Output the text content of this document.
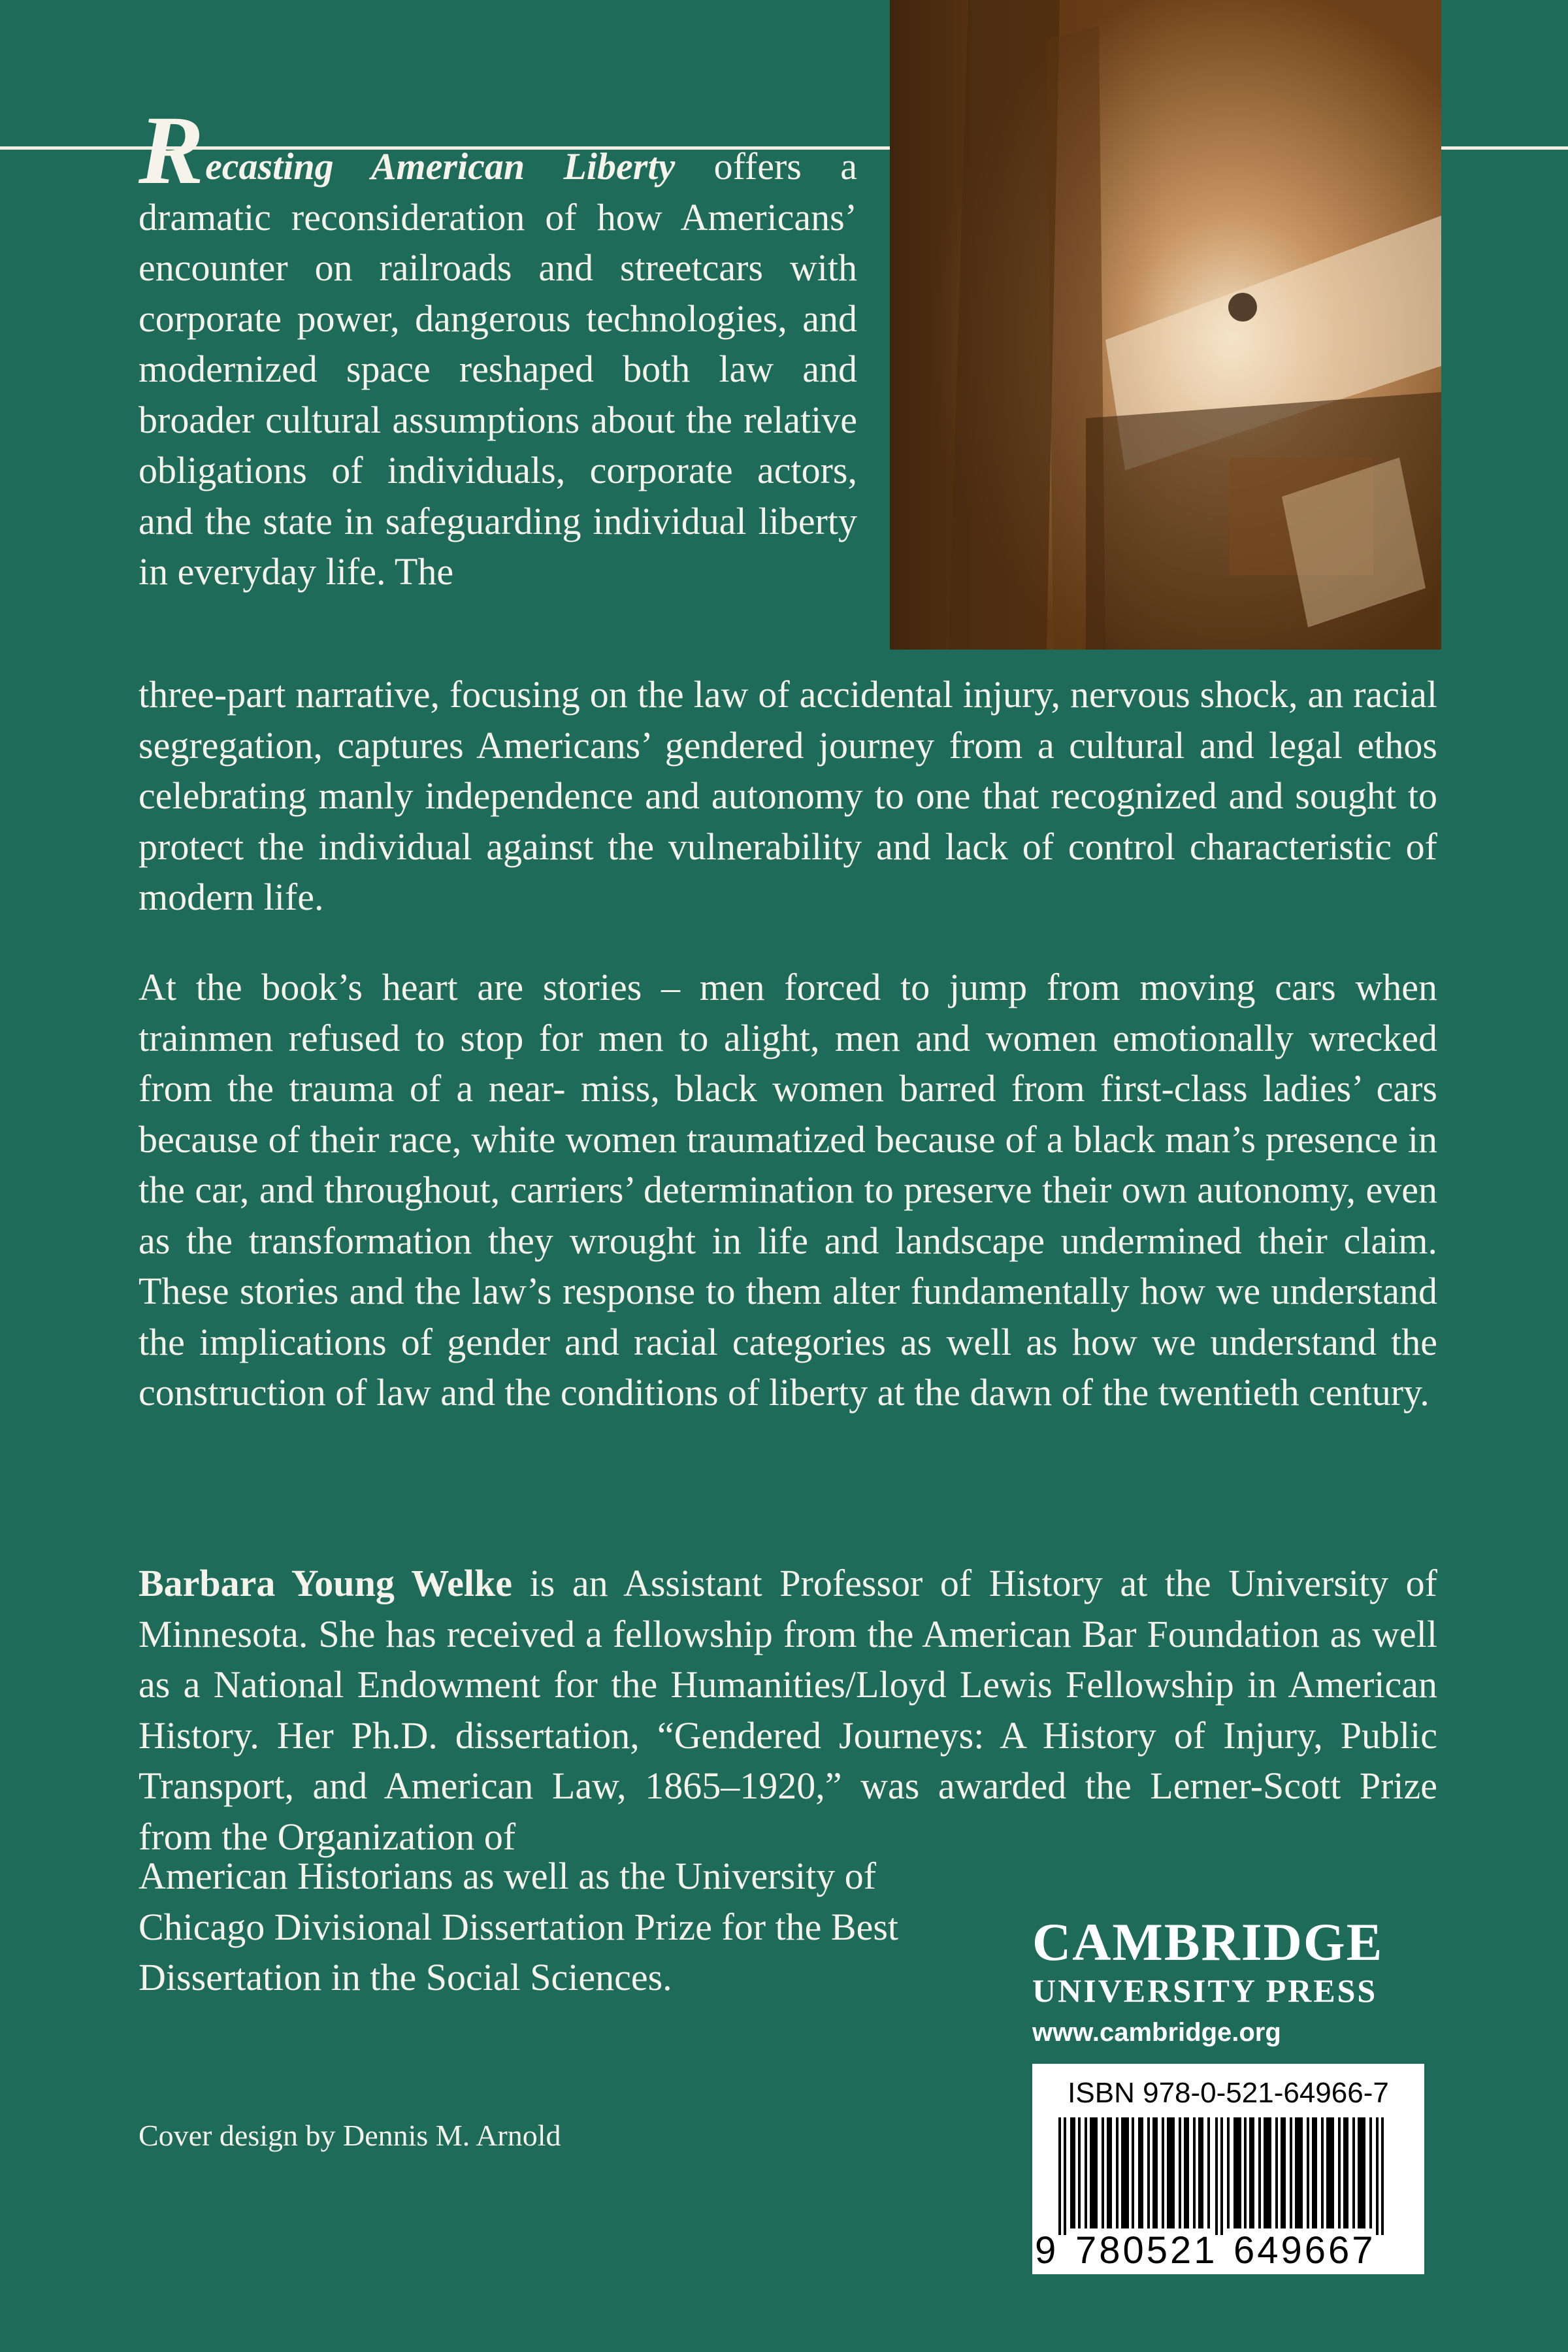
Recasting American Liberty offers a dramatic reconsideration of how Americans’ encounter on railroads and streetcars with corporate power, dangerous technologies, and modernized space reshaped both law and broader cultural assumptions about the relative obligations of individuals, corporate actors, and the state in safeguarding individual liberty in everyday life. The
three-part narrative, focusing on the law of accidental injury, nervous shock, an racial segregation, captures Americans’ gendered journey from a cultural and legal ethos celebrating manly independence and autonomy to one that recognized and sought to protect the individual against the vulnerability and lack of control characteristic of modern life.
At the book’s heart are stories – men forced to jump from moving cars when trainmen refused to stop for men to alight, men and women emotionally wrecked from the trauma of a near- miss, black women barred from first-class ladies’ cars because of their race, white women traumatized because of a black man’s presence in the car, and throughout, carriers’ determination to preserve their own autonomy, even as the transformation they wrought in life and landscape undermined their claim. These stories and the law’s response to them alter fundamentally how we understand the implications of gender and racial categories as well as how we understand the construction of law and the conditions of liberty at the dawn of the twentieth century.
Barbara Young Welke is an Assistant Professor of History at the University of Minnesota. She has received a fellowship from the American Bar Foundation as well as a National Endowment for the Humanities/Lloyd Lewis Fellowship in American History. Her Ph.D. dissertation, “Gendered Journeys: A History of Injury, Public Transport, and American Law, 1865–1920,” was awarded the Lerner-Scott Prize from the Organization of
American Historians as well as the University of
Chicago Divisional Dissertation Prize for the Best
Dissertation in the Social Sciences.
Cover design by Dennis M. Arnold
CAMBRIDGE
UNIVERSITY PRESS
www.cambridge.org
ISBN 978-0-521-64966-7
9 780521 649667
